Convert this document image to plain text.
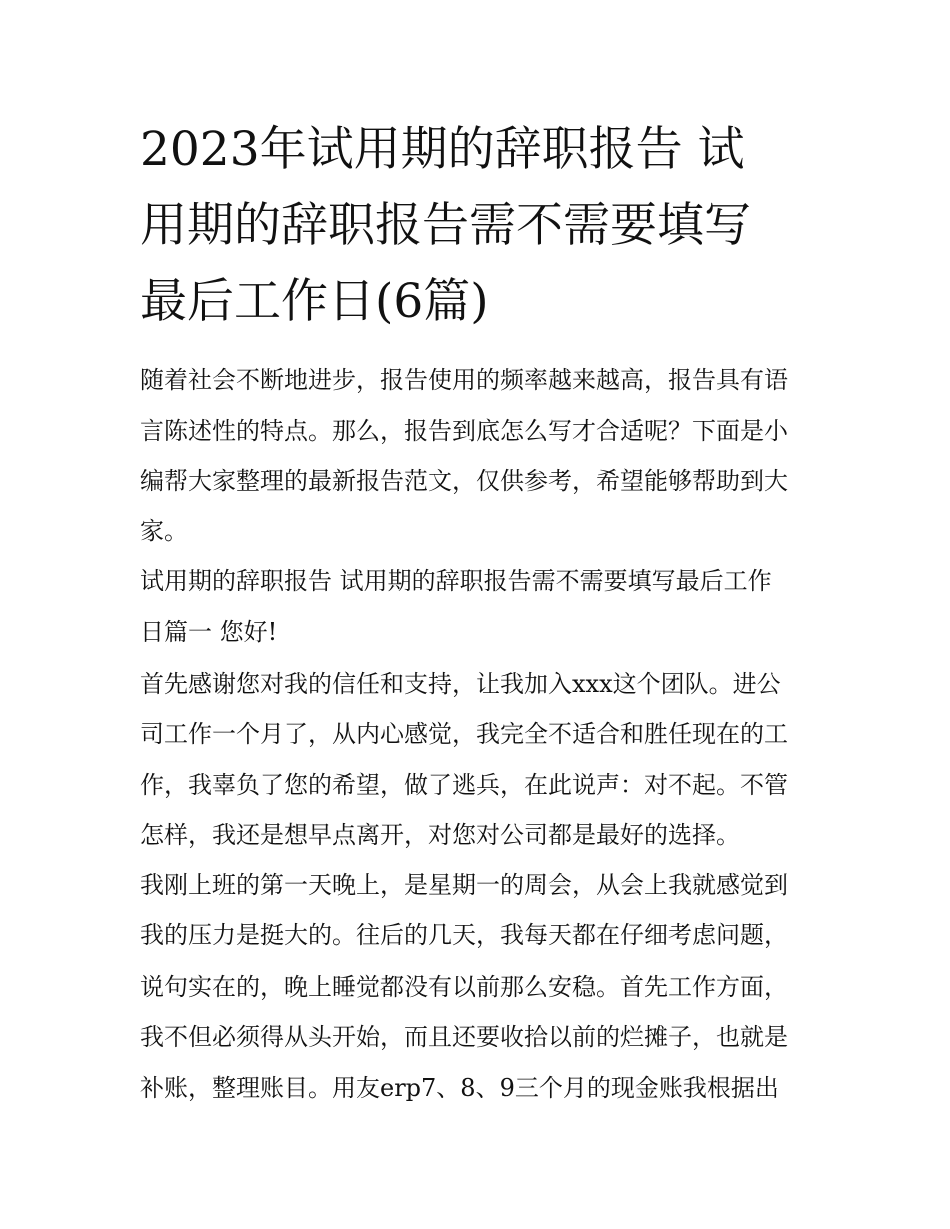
2023年试用期的辞职报告 试
用期的辞职报告需不需要填写
最后工作日(6篇)

随着社会不断地进步，报告使用的频率越来越高，报告具有语

言陈述性的特点。那么，报告到底怎么写才合适呢？下面是小

编帮大家整理的最新报告范文，仅供参考，希望能够帮助到大

家。

试用期的辞职报告 试用期的辞职报告需不需要填写最后工作

日篇一 您好!

首先感谢您对我的信任和支持，让我加入xxx这个团队。进公

司工作一个月了，从内心感觉，我完全不适合和胜任现在的工

作，我辜负了您的希望，做了逃兵，在此说声：对不起。不管

怎样，我还是想早点离开，对您对公司都是最好的选择。

我刚上班的第一天晚上，是星期一的周会，从会上我就感觉到

我的压力是挺大的。往后的几天，我每天都在仔细考虑问题，

说句实在的，晚上睡觉都没有以前那么安稳。首先工作方面，

我不但必须得从头开始，而且还要收拾以前的烂摊子，也就是

补账，整理账目。用友erp7、8、9三个月的现金账我根据出
